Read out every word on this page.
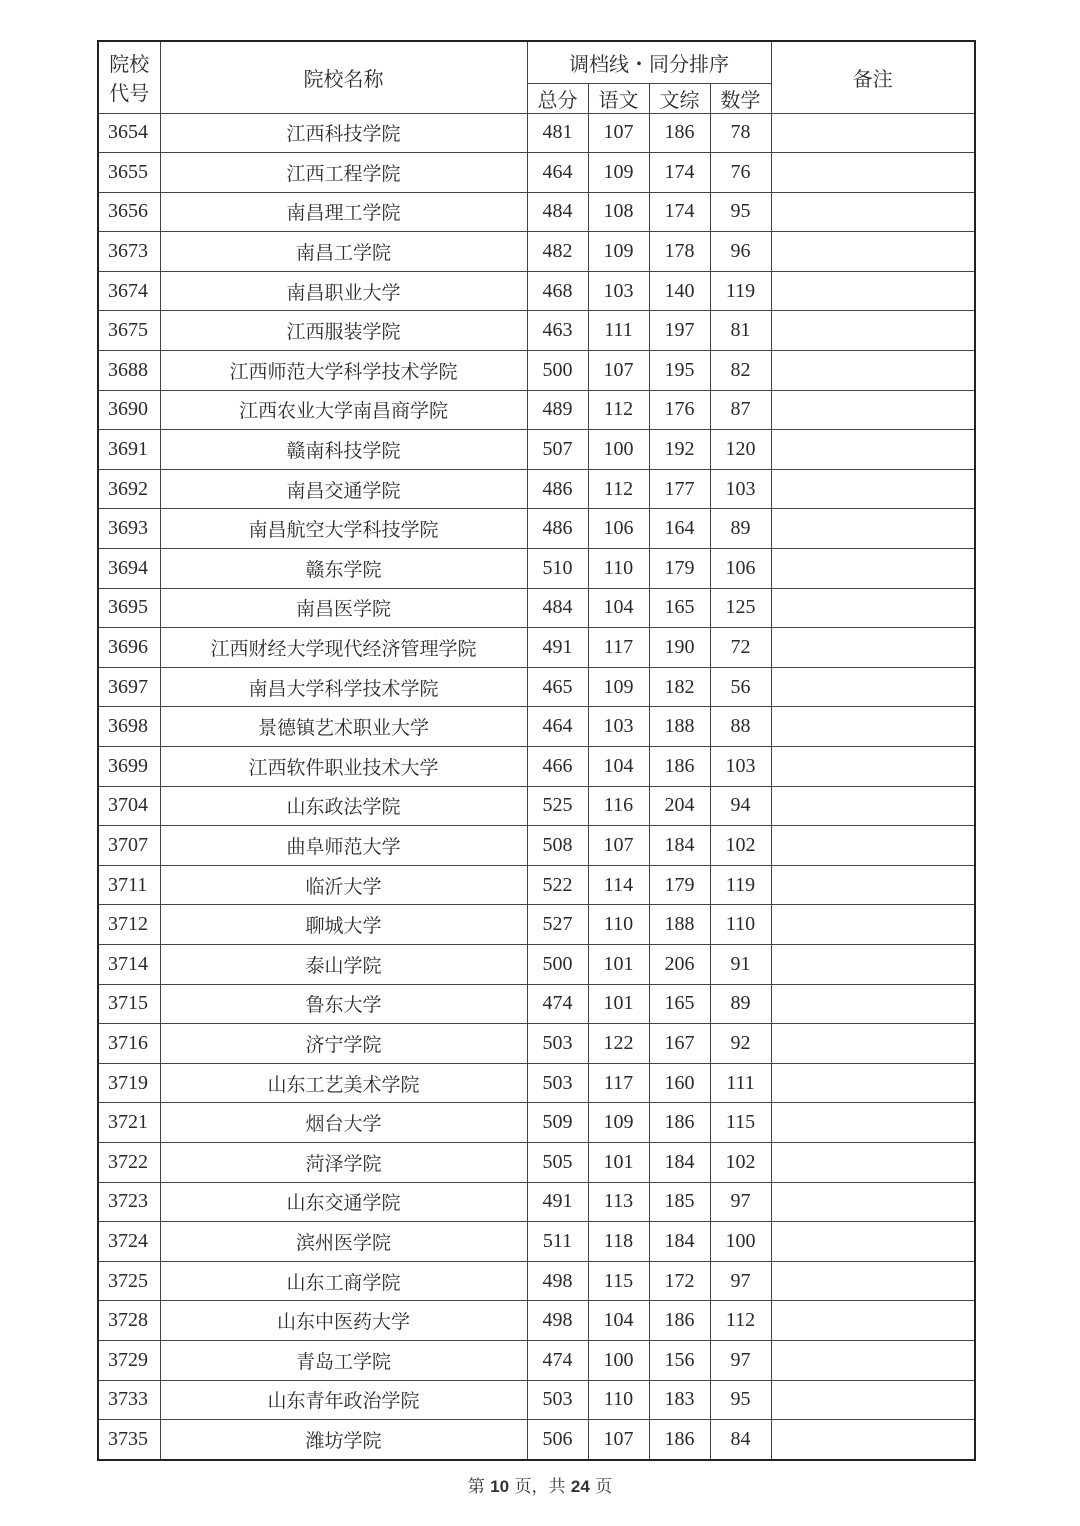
院校
代号	院校名称	调档线・同分排序				备注
		总分	语文	文综	数学	
3654	江西科技学院	481	107	186	78	
3655	江西工程学院	464	109	174	76	
3656	南昌理工学院	484	108	174	95	
3673	南昌工学院	482	109	178	96	
3674	南昌职业大学	468	103	140	119	
3675	江西服装学院	463	111	197	81	
3688	江西师范大学科学技术学院	500	107	195	82	
3690	江西农业大学南昌商学院	489	112	176	87	
3691	赣南科技学院	507	100	192	120	
3692	南昌交通学院	486	112	177	103	
3693	南昌航空大学科技学院	486	106	164	89	
3694	赣东学院	510	110	179	106	
3695	南昌医学院	484	104	165	125	
3696	江西财经大学现代经济管理学院	491	117	190	72	
3697	南昌大学科学技术学院	465	109	182	56	
3698	景德镇艺术职业大学	464	103	188	88	
3699	江西软件职业技术大学	466	104	186	103	
3704	山东政法学院	525	116	204	94	
3707	曲阜师范大学	508	107	184	102	
3711	临沂大学	522	114	179	119	
3712	聊城大学	527	110	188	110	
3714	泰山学院	500	101	206	91	
3715	鲁东大学	474	101	165	89	
3716	济宁学院	503	122	167	92	
3719	山东工艺美术学院	503	117	160	111	
3721	烟台大学	509	109	186	115	
3722	菏泽学院	505	101	184	102	
3723	山东交通学院	491	113	185	97	
3724	滨州医学院	511	118	184	100	
3725	山东工商学院	498	115	172	97	
3728	山东中医药大学	498	104	186	112	
3729	青岛工学院	474	100	156	97	
3733	山东青年政治学院	503	110	183	95	
3735	潍坊学院	506	107	186	84	
第 10 页，共 24 页
